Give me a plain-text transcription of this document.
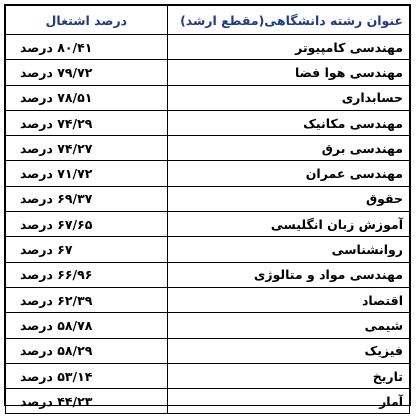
عنوان رشته دانشگاهی(مقطع ارشد)	درصد اشتغال
مهندسی کامپیوتر	۸۰/۴۱ درصد
مهندسی هوا فضا	۷۹/۷۲ درصد
حسابداری	۷۸/۵۱ درصد
مهندسی مکانیک	۷۴/۲۹ درصد
مهندسی برق	۷۴/۲۷ درصد
مهندسی عمران	۷۱/۷۲ درصد
حقوق	۶۹/۳۷ درصد
آموزش زبان انگلیسی	۶۷/۶۵ درصد
روانشناسی	۶۷ درصد
مهندسی مواد و متالوژی	۶۶/۹۶ درصد
اقتصاد	۶۲/۳۹ درصد
شیمی	۵۸/۷۸ درصد
فیزیک	۵۸/۲۹ درصد
تاریخ	۵۳/۱۴ درصد
آمار	۴۴/۲۳ درصد
